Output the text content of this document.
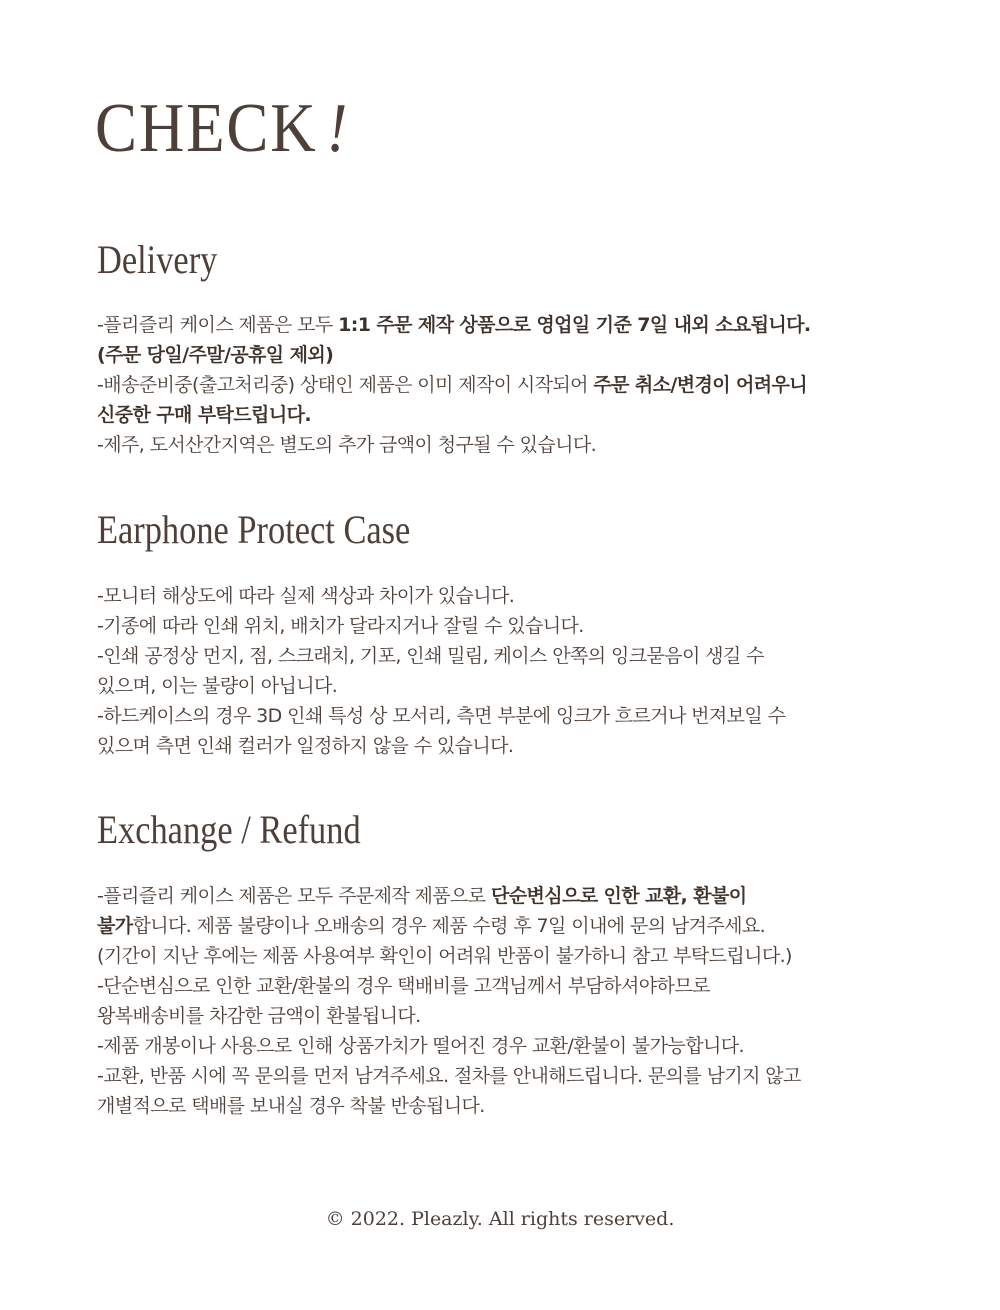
CHECK !
Delivery
-플리즐리 케이스 제품은 모두 1:1 주문 제작 상품으로 영업일 기준 7일 내외 소요됩니다.
(주문 당일/주말/공휴일 제외)
-배송준비중(출고처리중) 상태인 제품은 이미 제작이 시작되어 주문 취소/변경이 어려우니
신중한 구매 부탁드립니다.
-제주, 도서산간지역은 별도의 추가 금액이 청구될 수 있습니다.
Earphone Protect Case
-모니터 해상도에 따라 실제 색상과 차이가 있습니다.
-기종에 따라 인쇄 위치, 배치가 달라지거나 잘릴 수 있습니다.
-인쇄 공정상 먼지, 점, 스크래치, 기포, 인쇄 밀림, 케이스 안쪽의 잉크묻음이 생길 수
있으며, 이는 불량이 아닙니다.
-하드케이스의 경우 3D 인쇄 특성 상 모서리, 측면 부분에 잉크가 흐르거나 번져보일 수
있으며 측면 인쇄 컬러가 일정하지 않을 수 있습니다.
Exchange / Refund
-플리즐리 케이스 제품은 모두 주문제작 제품으로 단순변심으로 인한 교환, 환불이
불가합니다. 제품 불량이나 오배송의 경우 제품 수령 후 7일 이내에 문의 남겨주세요.
(기간이 지난 후에는 제품 사용여부 확인이 어려워 반품이 불가하니 참고 부탁드립니다.)
-단순변심으로 인한 교환/환불의 경우 택배비를 고객님께서 부담하셔야하므로
왕복배송비를 차감한 금액이 환불됩니다.
-제품 개봉이나 사용으로 인해 상품가치가 떨어진 경우 교환/환불이 불가능합니다.
-교환, 반품 시에 꼭 문의를 먼저 남겨주세요. 절차를 안내해드립니다. 문의를 남기지 않고
개별적으로 택배를 보내실 경우 착불 반송됩니다.
© 2022. Pleazly. All rights reserved.
